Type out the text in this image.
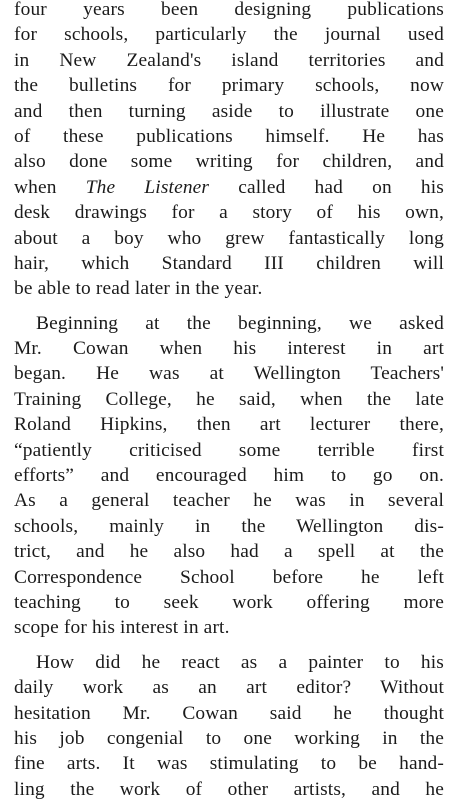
four years been designing publications
for schools, particularly the journal used
in New Zealand's island territories and
the bulletins for primary schools, now
and then turning aside to illustrate one
of these publications himself. He has
also done some writing for children, and
when The Listener called had on his
desk drawings for a story of his own,
about a boy who grew fantastically long
hair, which Standard III children will
be able to read later in the year.
Beginning at the beginning, we asked
Mr. Cowan when his interest in art
began. He was at Wellington Teachers'
Training College, he said, when the late
Roland Hipkins, then art lecturer there,
“patiently criticised some terrible first
efforts” and encouraged him to go on.
As a general teacher he was in several
schools, mainly in the Wellington dis-
trict, and he also had a spell at the
Correspondence School before he left
teaching to seek work offering more
scope for his interest in art.
How did he react as a painter to his
daily work as an art editor? Without
hesitation Mr. Cowan said he thought
his job congenial to one working in the
fine arts. It was stimulating to be hand-
ling the work of other artists, and he
